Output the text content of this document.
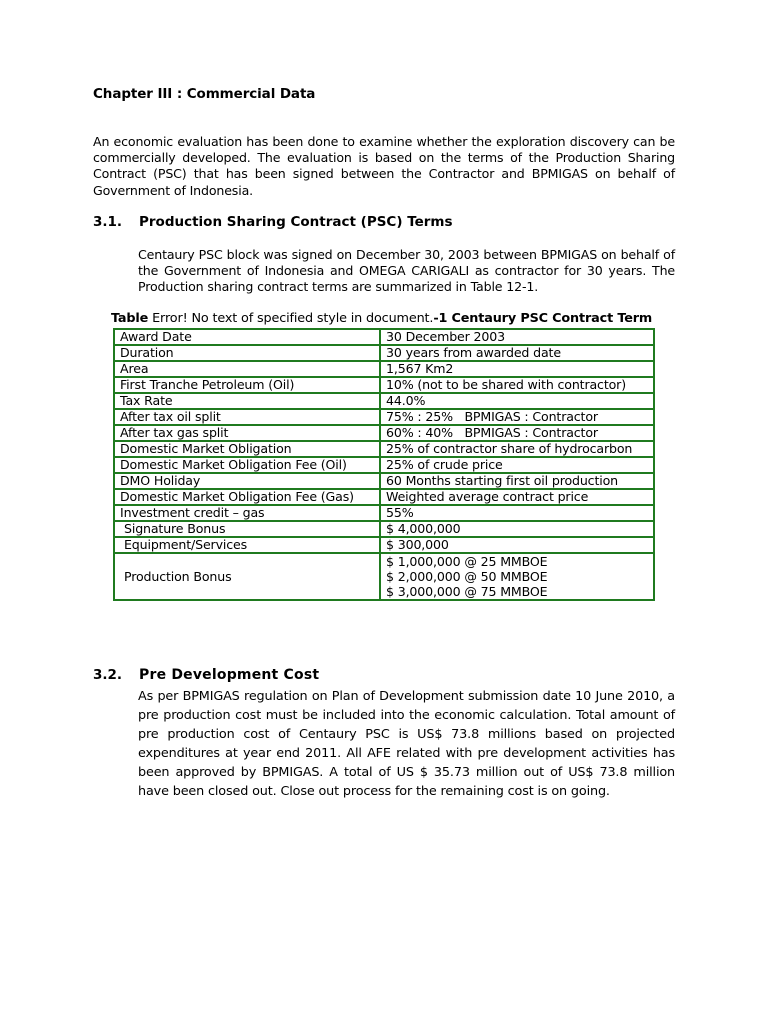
Chapter III : Commercial Data
An economic evaluation has been done to examine whether the exploration discovery can be commercially developed. The evaluation is based on the terms of the Production Sharing Contract (PSC) that has been signed between the Contractor and BPMIGAS on behalf of Government of Indonesia.
3.1. Production Sharing Contract (PSC) Terms
Centaury PSC block was signed on December 30, 2003 between BPMIGAS on behalf of the Government of Indonesia and OMEGA CARIGALI as contractor for 30 years. The Production sharing contract terms are summarized in Table 12-1.
Table Error! No text of specified style in document.-1 Centaury PSC Contract Term
Award Date	30 December 2003
Duration	30 years from awarded date
Area	1,567 Km2
First Tranche Petroleum (Oil)	10% (not to be shared with contractor)
Tax Rate	44.0%
After tax oil split	75% : 25%   BPMIGAS : Contractor
After tax gas split	60% : 40%   BPMIGAS : Contractor
Domestic Market Obligation	25% of contractor share of hydrocarbon
Domestic Market Obligation Fee (Oil)	25% of crude price
DMO Holiday	60 Months starting first oil production
Domestic Market Obligation Fee (Gas)	Weighted average contract price
Investment credit – gas	55%
Signature Bonus	$ 4,000,000
Equipment/Services	$ 300,000
Production Bonus	$ 1,000,000 @ 25 MMBOE
$ 2,000,000 @ 50 MMBOE
$ 3,000,000 @ 75 MMBOE
3.2. Pre Development Cost
As per BPMIGAS regulation on Plan of Development submission date 10 June 2010, a pre production cost must be included into the economic calculation. Total amount of pre production cost of Centaury PSC is US$ 73.8 millions based on projected expenditures at year end 2011. All AFE related with pre development activities has been approved by BPMIGAS. A total of US $ 35.73 million out of US$ 73.8 million have been closed out. Close out process for the remaining cost is on going.
